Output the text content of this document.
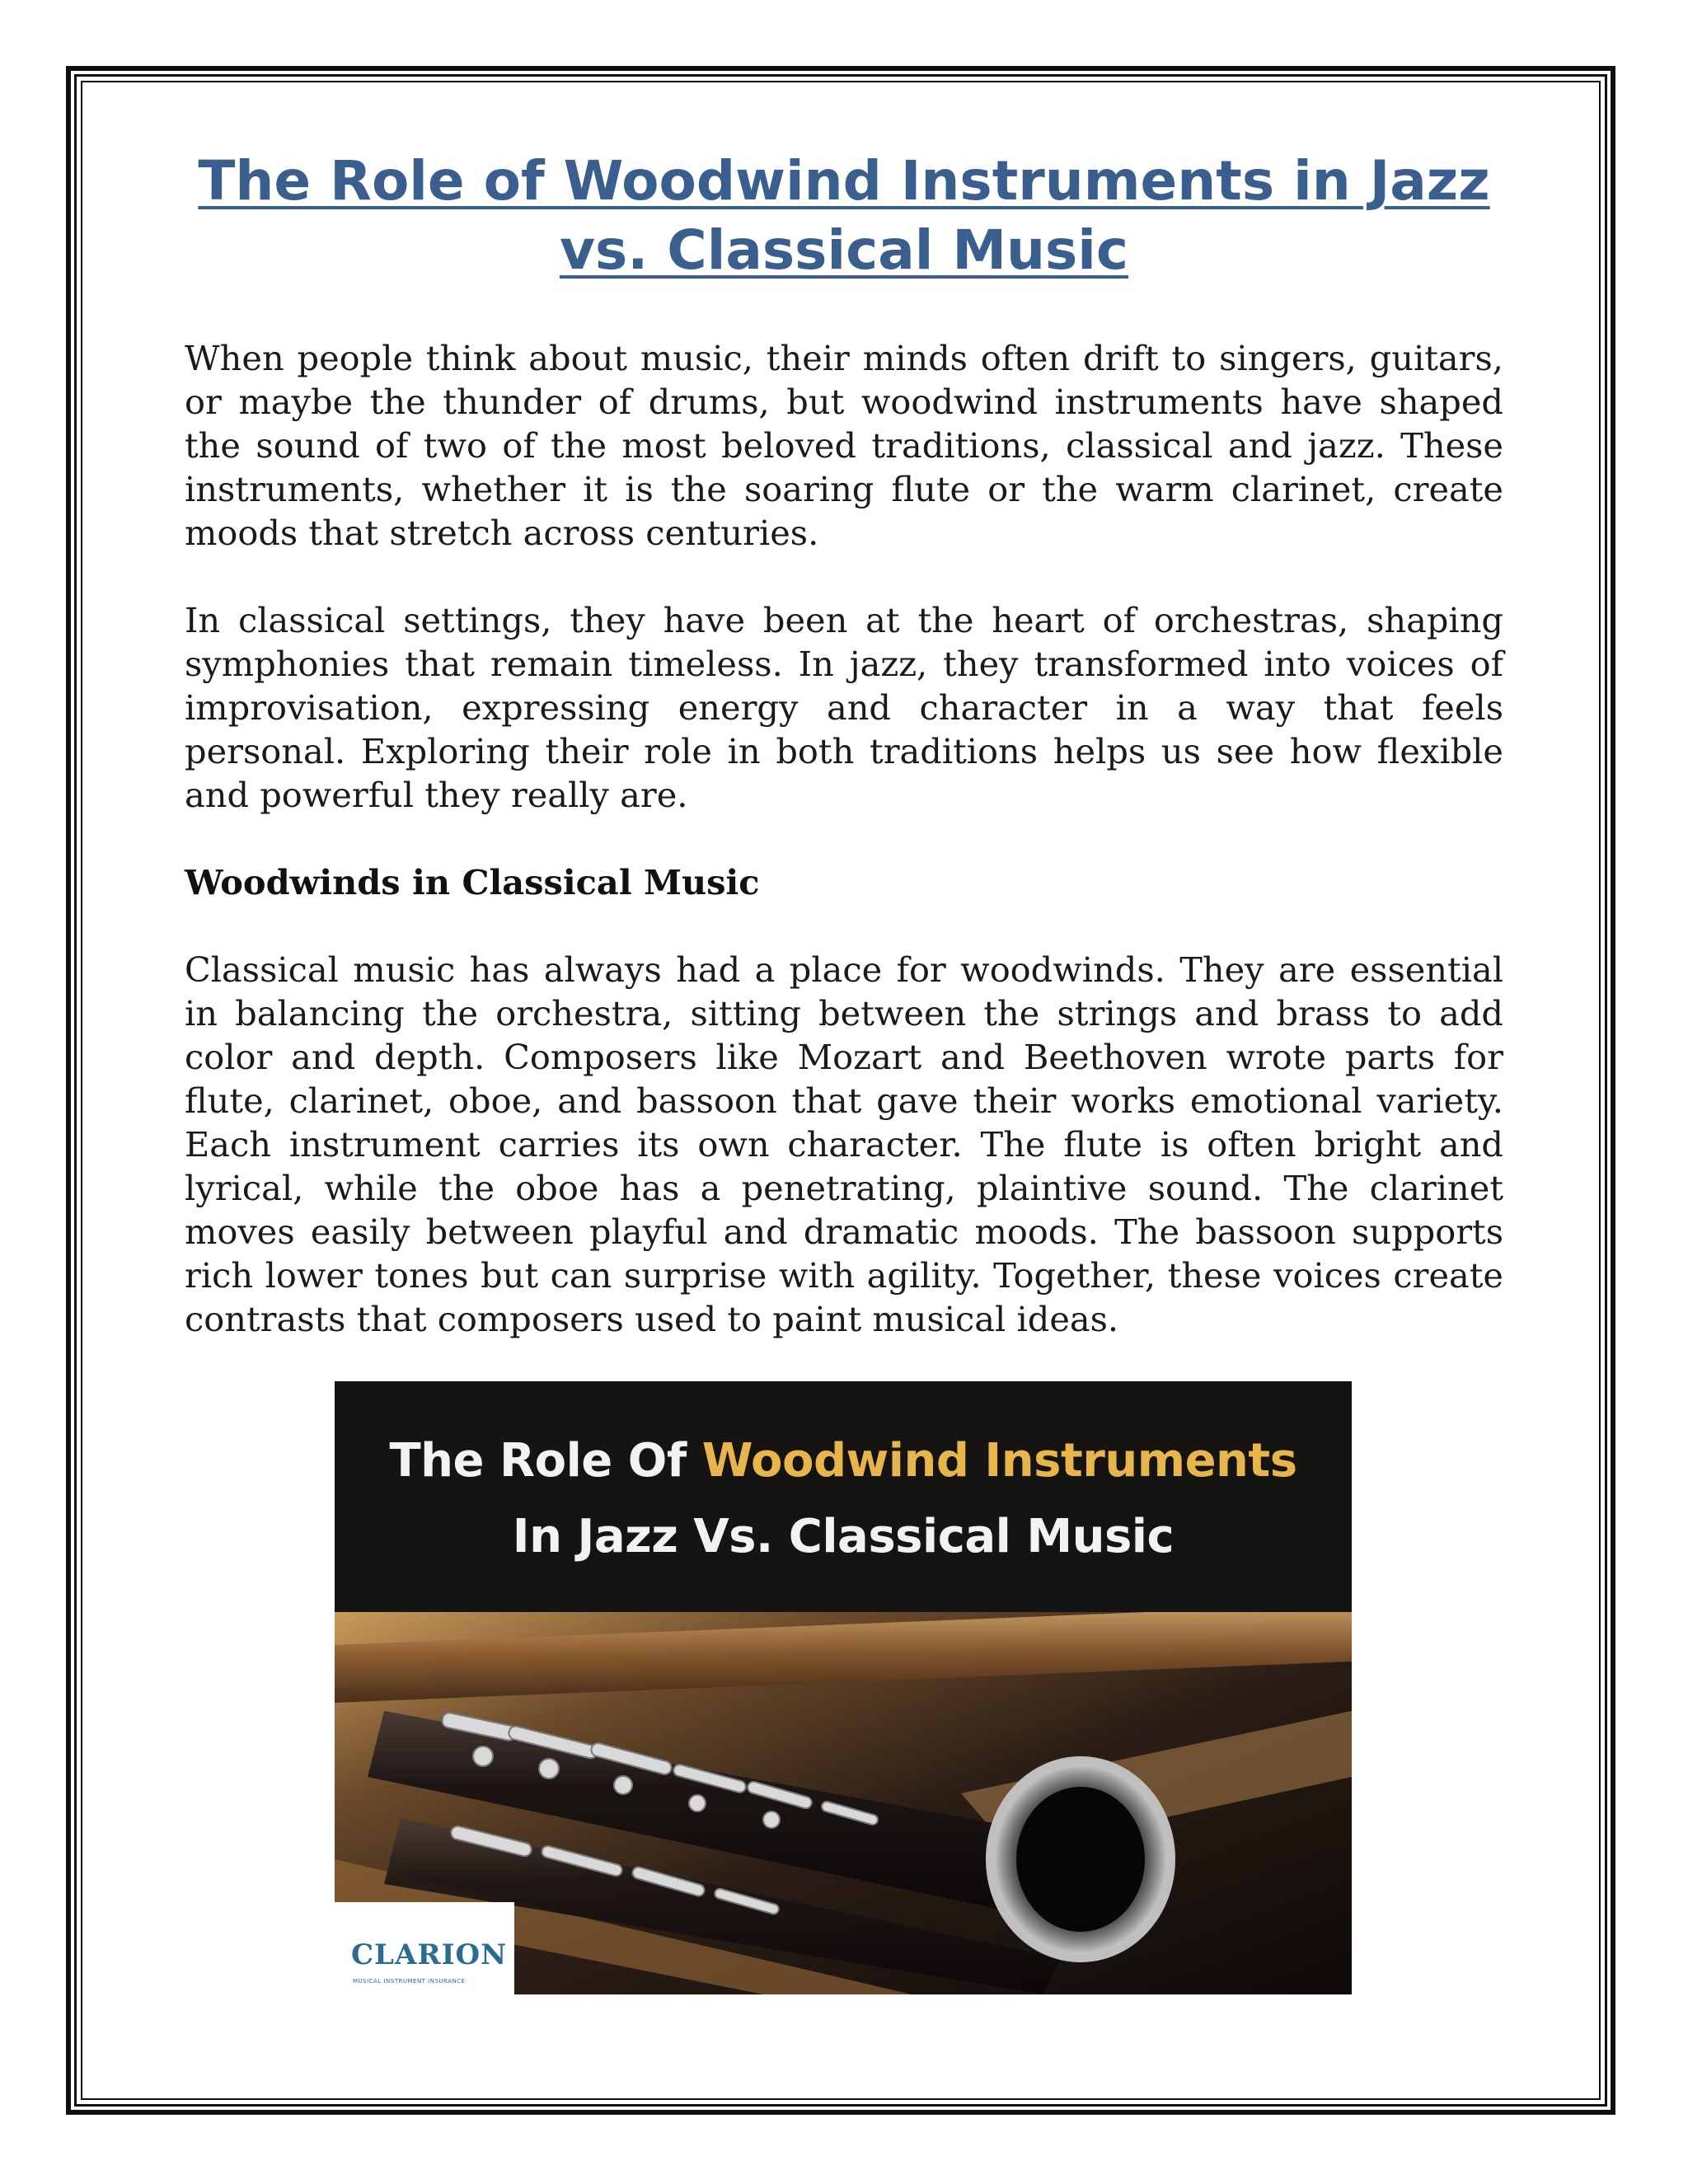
The Role of Woodwind Instruments in Jazz vs. Classical Music

When people think about music, their minds often drift to singers, guitars, or maybe the thunder of drums, but woodwind instruments have shaped the sound of two of the most beloved traditions, classical and jazz. These instruments, whether it is the soaring flute or the warm clarinet, create moods that stretch across centuries.

In classical settings, they have been at the heart of orchestras, shaping symphonies that remain timeless. In jazz, they transformed into voices of improvisation, expressing energy and character in a way that feels personal. Exploring their role in both traditions helps us see how flexible and powerful they really are.

Woodwinds in Classical Music

Classical music has always had a place for woodwinds. They are essential in balancing the orchestra, sitting between the strings and brass to add color and depth. Composers like Mozart and Beethoven wrote parts for flute, clarinet, oboe, and bassoon that gave their works emotional variety. Each instrument carries its own character. The flute is often bright and lyrical, while the oboe has a penetrating, plaintive sound. The clarinet moves easily between playful and dramatic moods. The bassoon supports rich lower tones but can surprise with agility. Together, these voices create contrasts that composers used to paint musical ideas.

The Role Of Woodwind Instruments
In Jazz Vs. Classical Music
CLARION
MUSICAL INSTRUMENT INSURANCE
